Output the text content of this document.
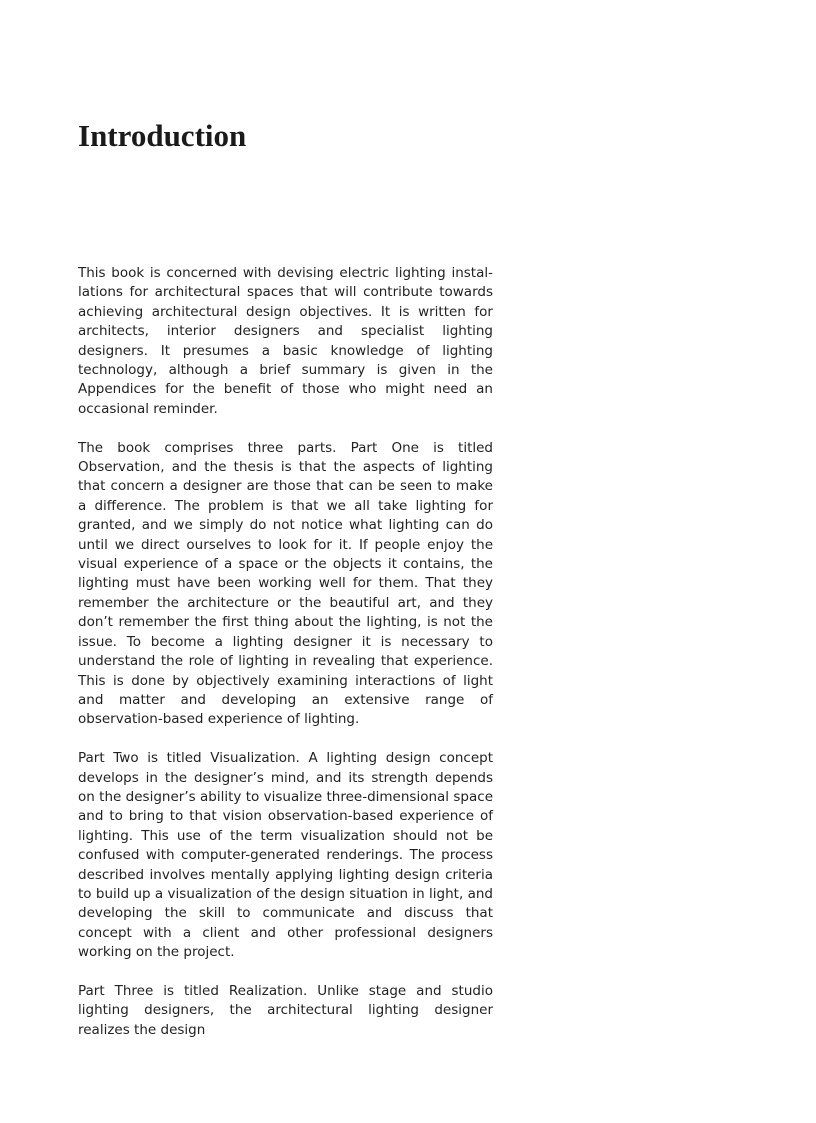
Introduction

This book is concerned with devising electric lighting installations for architectural spaces that will contribute towards achieving architectural design objectives. It is written for architects, interior designers and specialist lighting designers. It presumes a basic knowledge of lighting technology, although a brief summary is given in the Appendices for the benefit of those who might need an occasional reminder.

The book comprises three parts. Part One is titled Observation, and the thesis is that the aspects of lighting that concern a designer are those that can be seen to make a difference. The problem is that we all take lighting for granted, and we simply do not notice what lighting can do until we direct ourselves to look for it. If people enjoy the visual experience of a space or the objects it contains, the lighting must have been working well for them. That they remember the architecture or the beautiful art, and they don’t remember the first thing about the lighting, is not the issue. To become a lighting designer it is necessary to understand the role of lighting in revealing that experience. This is done by objectively examining interactions of light and matter and developing an extensive range of observation-based experience of lighting.

Part Two is titled Visualization. A lighting design concept develops in the designer’s mind, and its strength depends on the designer’s ability to visualize three-dimensional space and to bring to that vision observation-based experience of lighting. This use of the term visualization should not be confused with computer-generated renderings. The process described involves mentally applying lighting design criteria to build up a visualization of the design situation in light, and developing the skill to communicate and discuss that concept with a client and other professional designers working on the project.

Part Three is titled Realization. Unlike stage and studio lighting designers, the architectural lighting designer realizes the design
